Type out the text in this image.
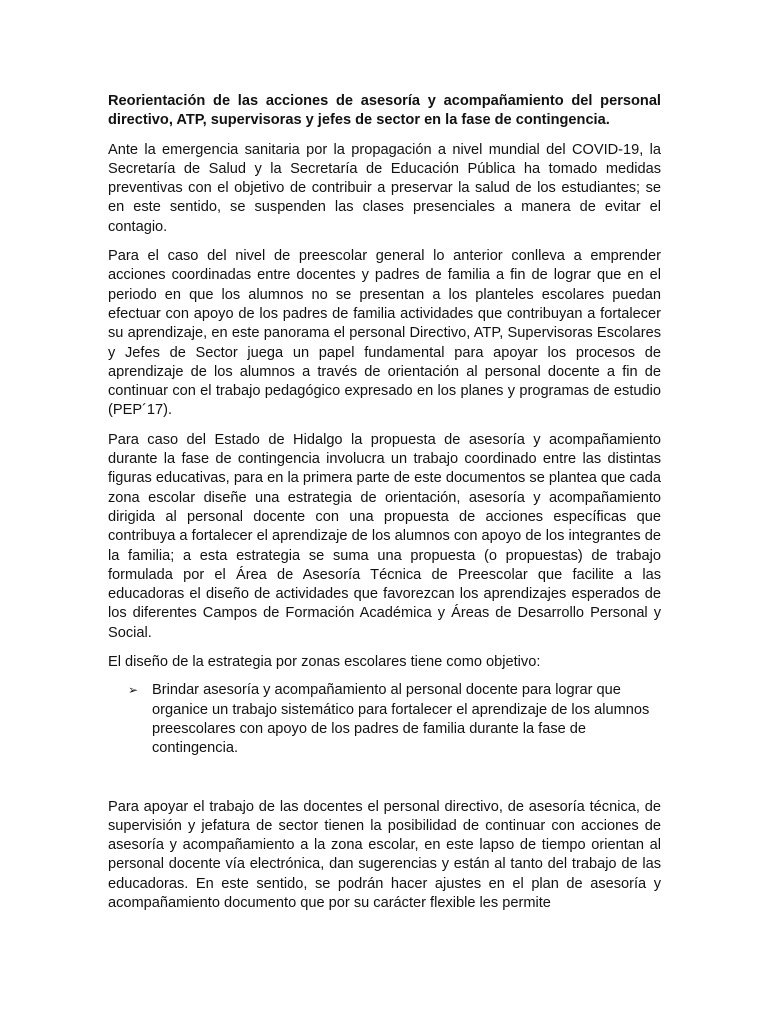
Reorientación de las acciones de asesoría y acompañamiento del personal directivo, ATP, supervisoras y jefes de sector en la fase de contingencia.

Ante la emergencia sanitaria por la propagación a nivel mundial del COVID-19, la Secretaría de Salud y la Secretaría de Educación Pública ha tomado medidas preventivas con el objetivo de contribuir a preservar la salud de los estudiantes; se en este sentido, se suspenden las clases presenciales a manera de evitar el contagio.

Para el caso del nivel de preescolar general lo anterior conlleva a emprender acciones coordinadas entre docentes y padres de familia a fin de lograr que en el periodo en que los alumnos no se presentan a los planteles escolares puedan efectuar con apoyo de los padres de familia actividades que contribuyan a fortalecer su aprendizaje, en este panorama el personal Directivo, ATP, Supervisoras Escolares y Jefes de Sector juega un papel fundamental para apoyar los procesos de aprendizaje de los alumnos a través de orientación al personal docente a fin de continuar con el trabajo pedagógico expresado en los planes y programas de estudio (PEP´17).

Para caso del Estado de Hidalgo la propuesta de asesoría y acompañamiento durante la fase de contingencia involucra un trabajo coordinado entre las distintas figuras educativas, para en la primera parte de este documentos se plantea que cada zona escolar diseñe una estrategia de orientación, asesoría y acompañamiento dirigida al personal docente con una propuesta de acciones específicas que contribuya a fortalecer el aprendizaje de los alumnos con apoyo de los integrantes de la familia; a esta estrategia se suma una propuesta (o propuestas) de trabajo formulada por el Área de Asesoría Técnica de Preescolar que facilite a las educadoras el diseño de actividades que favorezcan los aprendizajes esperados de los diferentes Campos de Formación Académica y Áreas de Desarrollo Personal y Social.

El diseño de la estrategia por zonas escolares tiene como objetivo:

➢ Brindar asesoría y acompañamiento al personal docente para lograr que organice un trabajo sistemático para fortalecer el aprendizaje de los alumnos preescolares con apoyo de los padres de familia durante la fase de contingencia.

Para apoyar el trabajo de las docentes el personal directivo, de asesoría técnica, de supervisión y jefatura de sector tienen la posibilidad de continuar con acciones de asesoría y acompañamiento a la zona escolar, en este lapso de tiempo orientan al personal docente vía electrónica, dan sugerencias y están al tanto del trabajo de las educadoras. En este sentido, se podrán hacer ajustes en el plan de asesoría y acompañamiento documento que por su carácter flexible les permite
